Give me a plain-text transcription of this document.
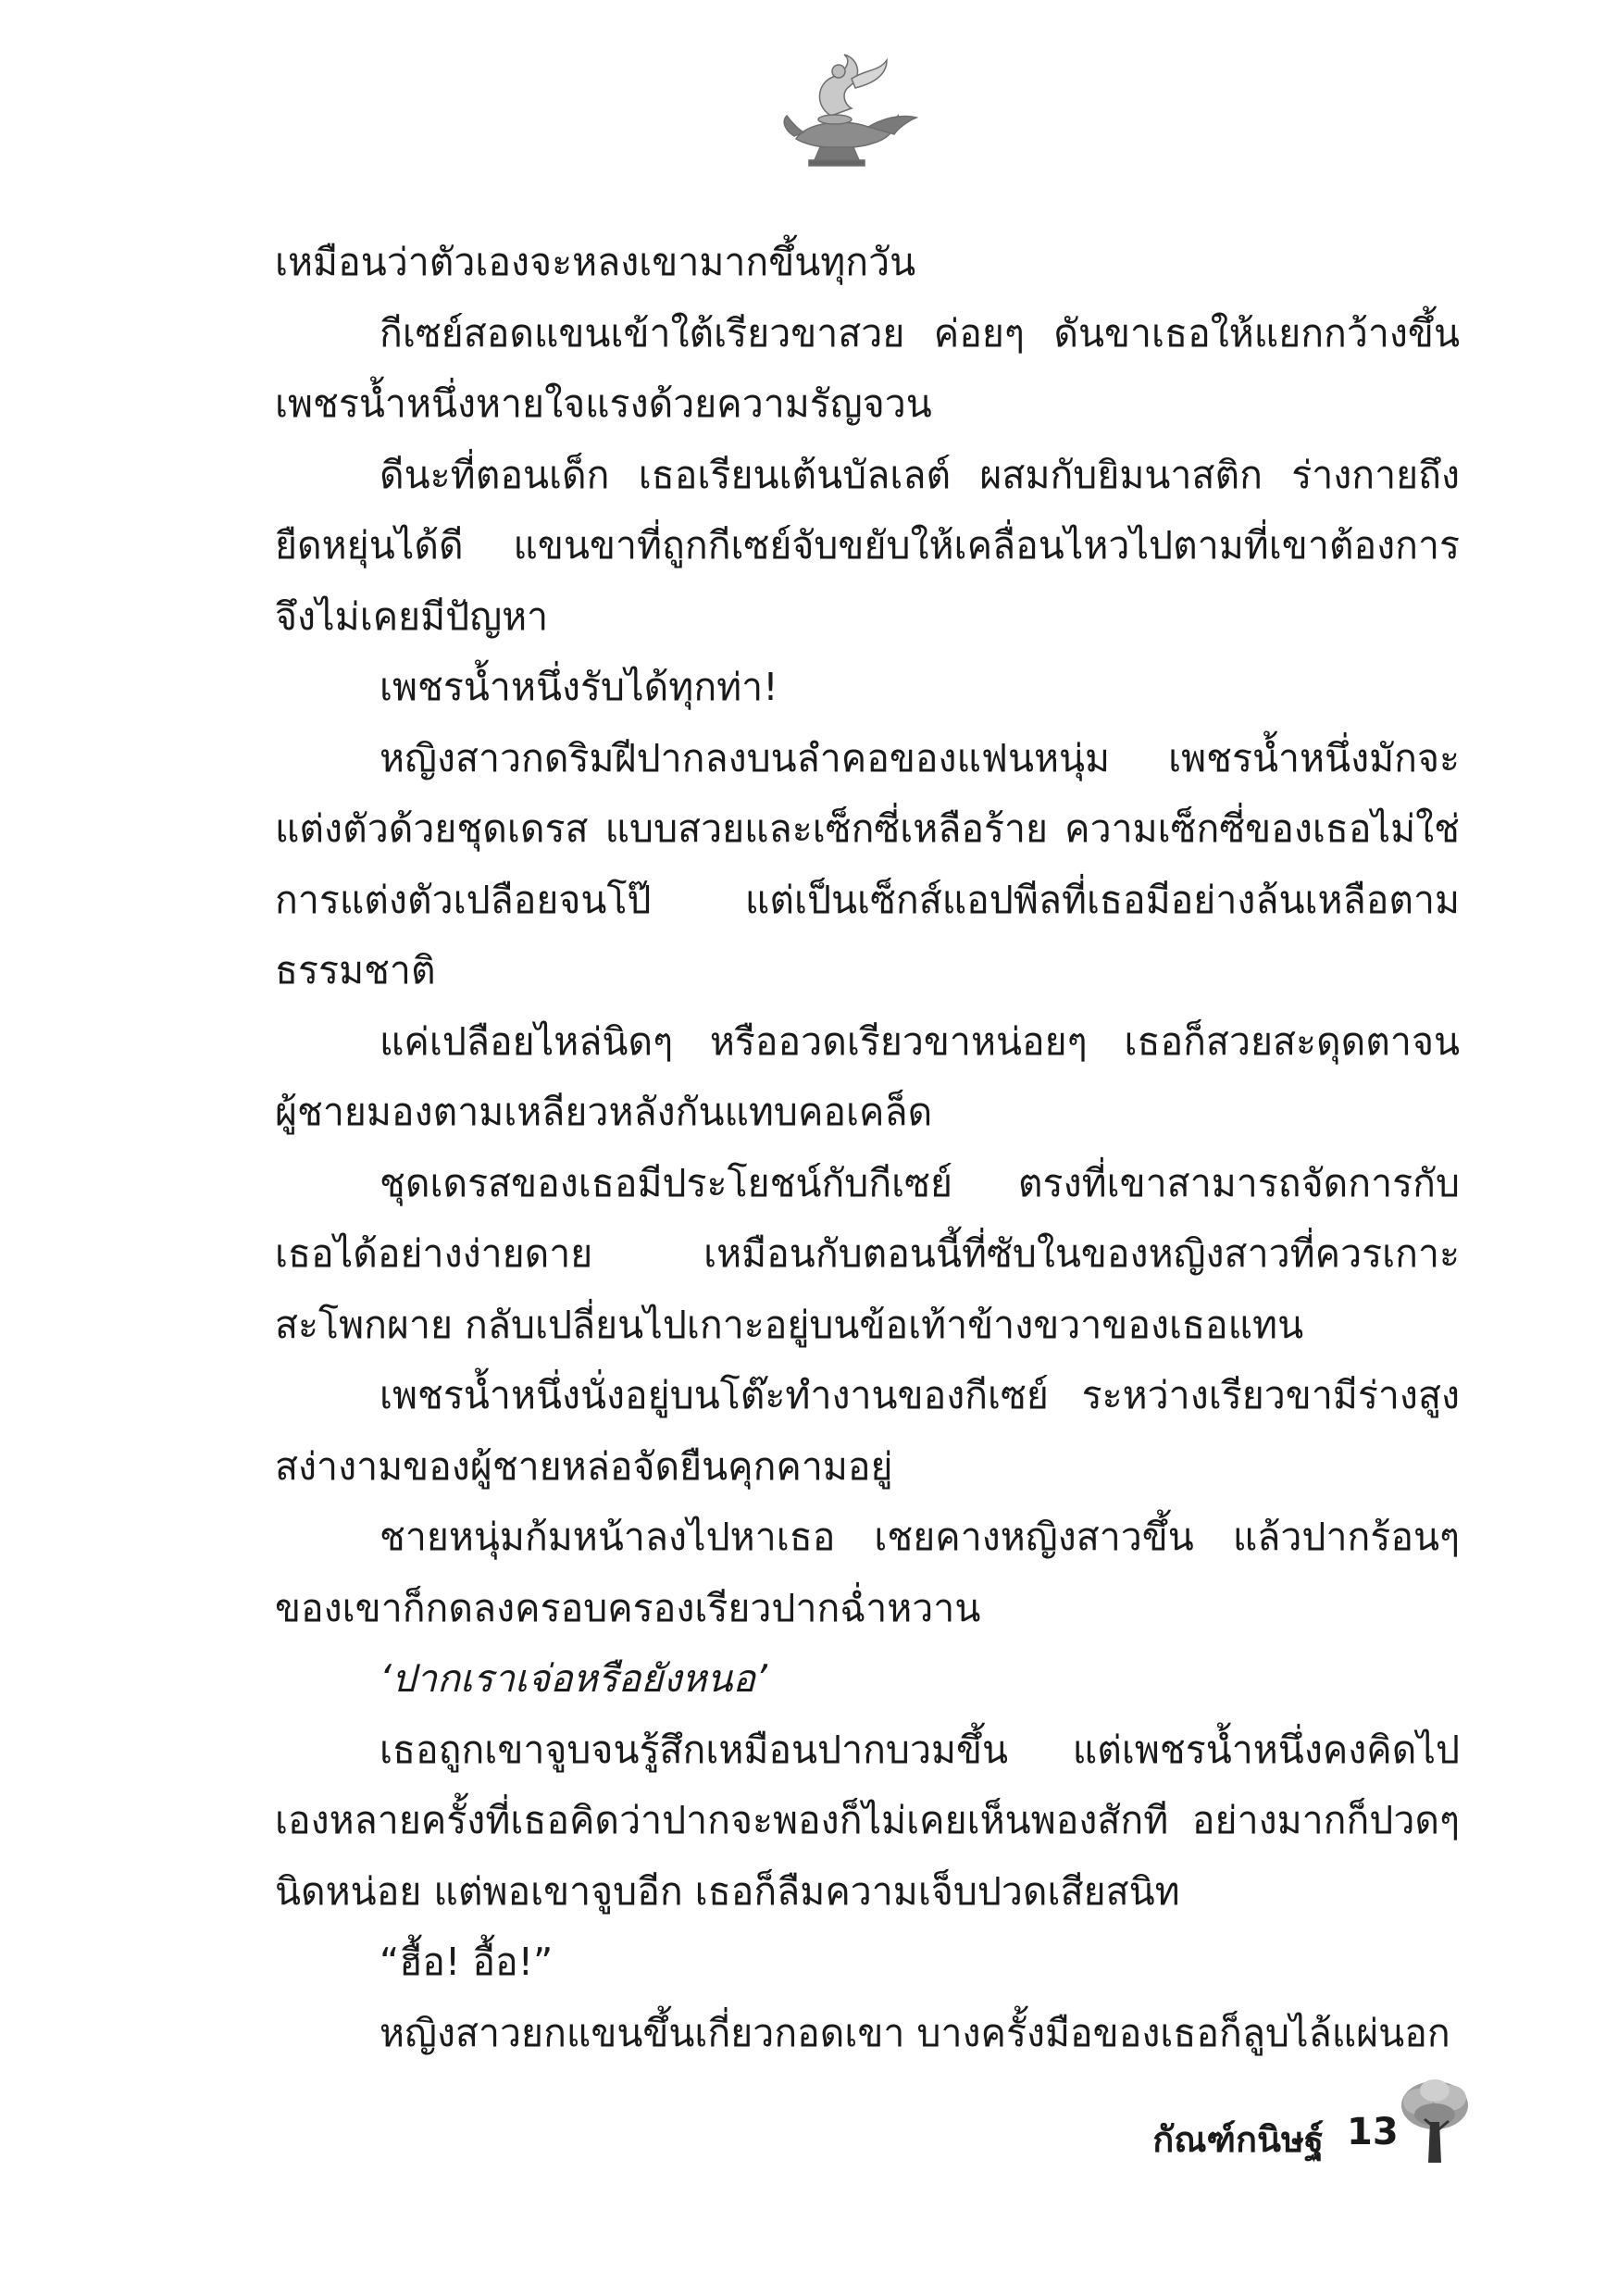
เหมือนว่าตัวเองจะหลงเขามากขึ้นทุกวัน

กีเซย์สอดแขนเข้าใต้เรียวขาสวย ค่อยๆ ดันขาเธอให้แยกกว้างขึ้น เพชรน้ำหนึ่งหายใจแรงด้วยความรัญจวน

ดีนะที่ตอนเด็ก เธอเรียนเต้นบัลเลต์ ผสมกับยิมนาสติก ร่างกายถึงยืดหยุ่นได้ดี แขนขาที่ถูกกีเซย์จับขยับให้เคลื่อนไหวไปตามที่เขาต้องการจึงไม่เคยมีปัญหา

เพชรน้ำหนึ่งรับได้ทุกท่า!

หญิงสาวกดริมฝีปากลงบนลำคอของแฟนหนุ่ม เพชรน้ำหนึ่งมักจะแต่งตัวด้วยชุดเดรส แบบสวยและเซ็กซี่เหลือร้าย ความเซ็กซี่ของเธอไม่ใช่การแต่งตัวเปลือยจนโป๊ แต่เป็นเซ็กส์แอปพีลที่เธอมีอย่างล้นเหลือตามธรรมชาติ

แค่เปลือยไหล่นิดๆ หรืออวดเรียวขาหน่อยๆ เธอก็สวยสะดุดตาจนผู้ชายมองตามเหลียวหลังกันแทบคอเคล็ด

ชุดเดรสของเธอมีประโยชน์กับกีเซย์ ตรงที่เขาสามารถจัดการกับเธอได้อย่างง่ายดาย เหมือนกับตอนนี้ที่ซับในของหญิงสาวที่ควรเกาะสะโพกผาย กลับเปลี่ยนไปเกาะอยู่บนข้อเท้าข้างขวาของเธอแทน

เพชรน้ำหนึ่งนั่งอยู่บนโต๊ะทำงานของกีเซย์ ระหว่างเรียวขามีร่างสูงสง่างามของผู้ชายหล่อจัดยืนคุกคามอยู่

ชายหนุ่มก้มหน้าลงไปหาเธอ เชยคางหญิงสาวขึ้น แล้วปากร้อนๆ ของเขาก็กดลงครอบครองเรียวปากฉ่ำหวาน

‘ปากเราเจ่อหรือยังหนอ’

เธอถูกเขาจูบจนรู้สึกเหมือนปากบวมขึ้น แต่เพชรน้ำหนึ่งคงคิดไปเองหลายครั้งที่เธอคิดว่าปากจะพองก็ไม่เคยเห็นพองสักที อย่างมากก็ปวดๆ นิดหน่อย แต่พอเขาจูบอีก เธอก็ลืมความเจ็บปวดเสียสนิท

“ฮื้อ! อื้อ!”

หญิงสาวยกแขนขึ้นเกี่ยวกอดเขา บางครั้งมือของเธอก็ลูบไล้แผ่นอก

กัณฑ์กนิษฐ์ 13
